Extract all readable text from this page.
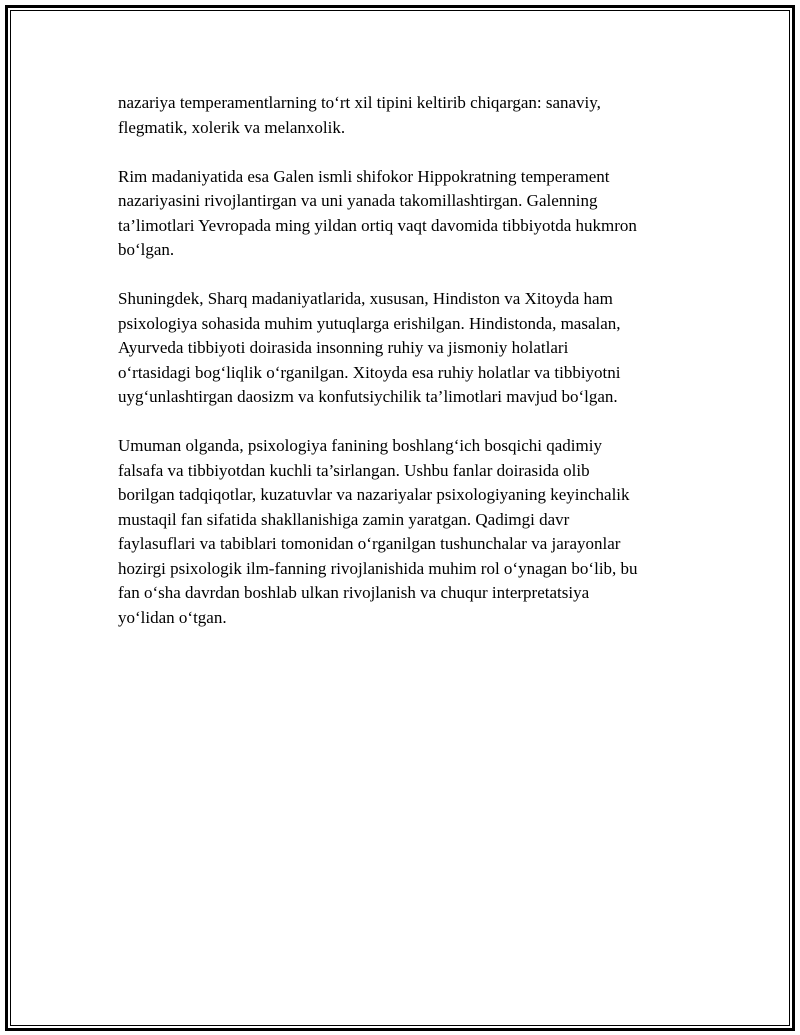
nazariya temperamentlarning to‘rt xil tipini keltirib chiqargan: sanaviy,
flegmatik, xolerik va melanxolik.

Rim madaniyatida esa Galen ismli shifokor Hippokratning temperament
nazariyasini rivojlantirgan va uni yanada takomillashtirgan. Galenning
ta’limotlari Yevropada ming yildan ortiq vaqt davomida tibbiyotda hukmron
bo‘lgan.

Shuningdek, Sharq madaniyatlarida, xususan, Hindiston va Xitoyda ham
psixologiya sohasida muhim yutuqlarga erishilgan. Hindistonda, masalan,
Ayurveda tibbiyoti doirasida insonning ruhiy va jismoniy holatlari
o‘rtasidagi bog‘liqlik o‘rganilgan. Xitoyda esa ruhiy holatlar va tibbiyotni
uyg‘unlashtirgan daosizm va konfutsiychilik ta’limotlari mavjud bo‘lgan.

Umuman olganda, psixologiya fanining boshlang‘ich bosqichi qadimiy
falsafa va tibbiyotdan kuchli ta’sirlangan. Ushbu fanlar doirasida olib
borilgan tadqiqotlar, kuzatuvlar va nazariyalar psixologiyaning keyinchalik
mustaqil fan sifatida shakllanishiga zamin yaratgan. Qadimgi davr
faylasuflari va tabiblari tomonidan o‘rganilgan tushunchalar va jarayonlar
hozirgi psixologik ilm-fanning rivojlanishida muhim rol o‘ynagan bo‘lib, bu
fan o‘sha davrdan boshlab ulkan rivojlanish va chuqur interpretatsiya
yo‘lidan o‘tgan.
